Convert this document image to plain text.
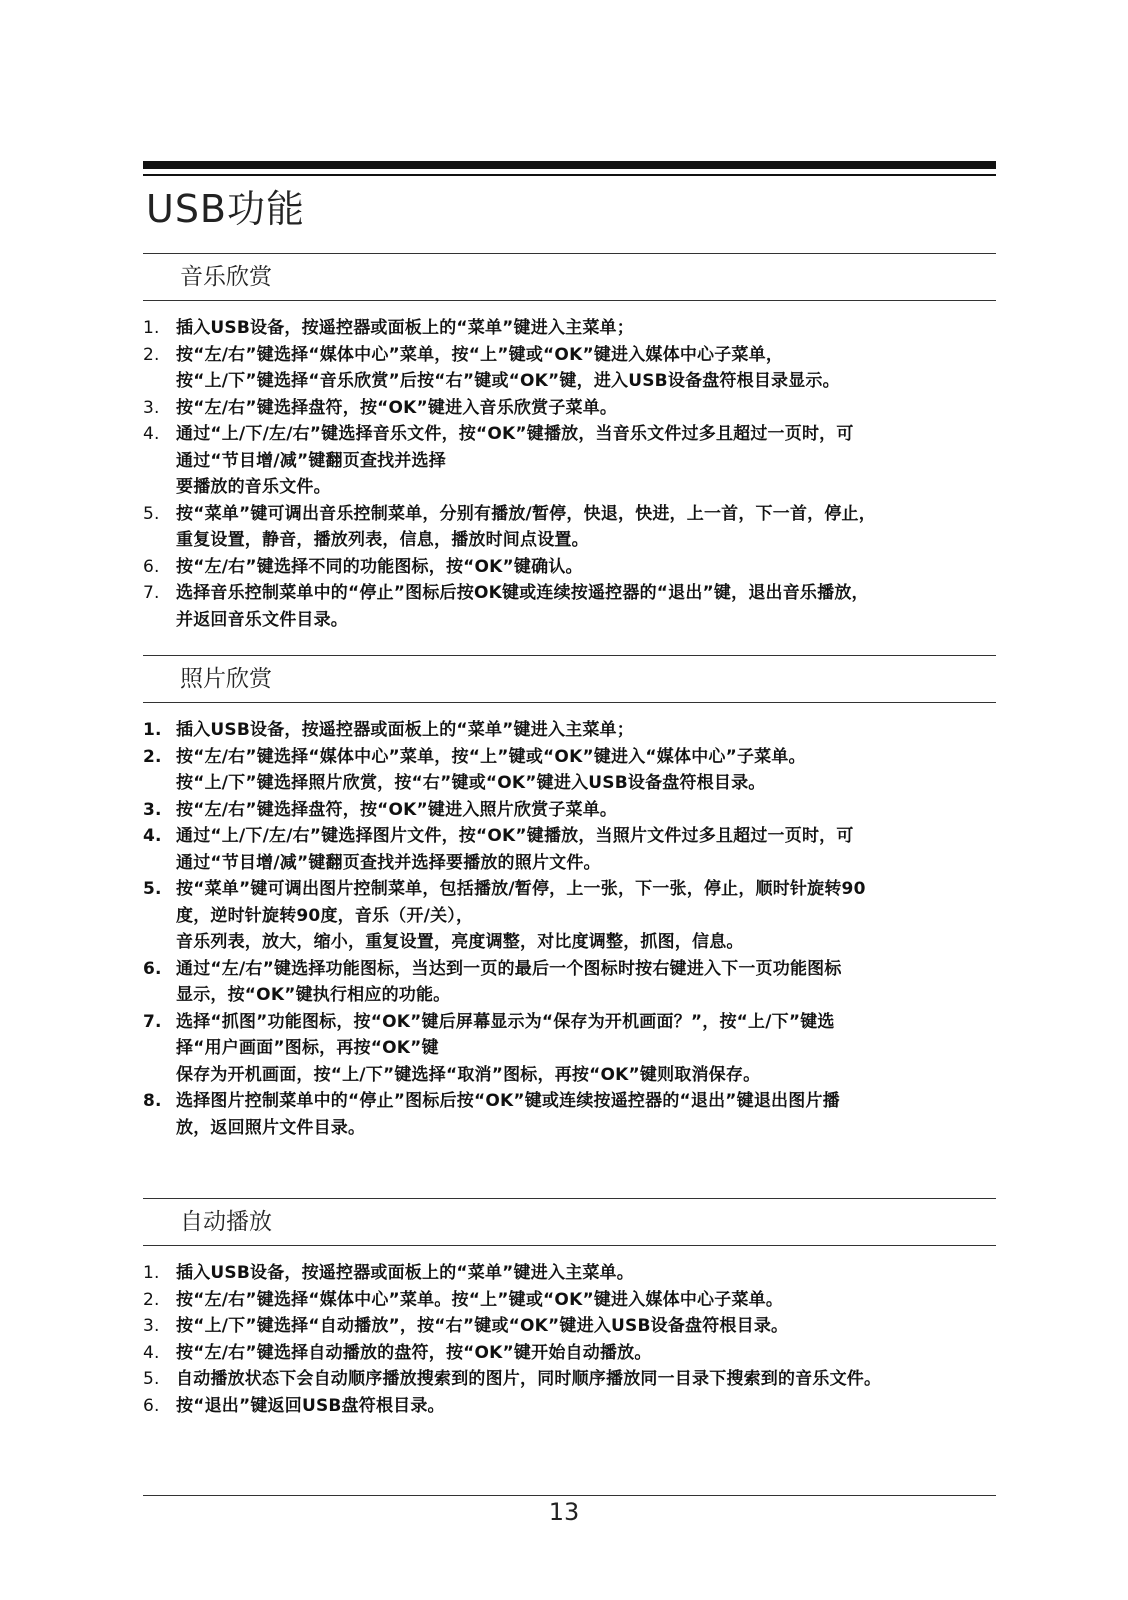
USB功能
音乐欣赏
1. 插入USB设备，按遥控器或面板上的“菜单”键进入主菜单；
2. 按“左/右”键选择“媒体中心”菜单，按“上”键或“OK”键进入媒体中心子菜单，
按“上/下”键选择“音乐欣赏”后按“右”键或“OK”键，进入USB设备盘符根目录显示。
3. 按“左/右”键选择盘符，按“OK”键进入音乐欣赏子菜单。
4. 通过“上/下/左/右”键选择音乐文件，按“OK”键播放，当音乐文件过多且超过一页时，可
通过“节目增/减”键翻页查找并选择
要播放的音乐文件。
5. 按“菜单”键可调出音乐控制菜单，分别有播放/暂停，快退，快进，上一首，下一首，停止，
重复设置，静音，播放列表，信息，播放时间点设置。
6. 按“左/右”键选择不同的功能图标，按“OK”键确认。
7. 选择音乐控制菜单中的“停止”图标后按OK键或连续按遥控器的“退出”键，退出音乐播放，
并返回音乐文件目录。
照片欣赏
1. 插入USB设备，按遥控器或面板上的“菜单”键进入主菜单；
2. 按“左/右”键选择“媒体中心”菜单，按“上”键或“OK”键进入“媒体中心”子菜单。
按“上/下”键选择照片欣赏，按“右”键或“OK”键进入USB设备盘符根目录。
3. 按“左/右”键选择盘符，按“OK”键进入照片欣赏子菜单。
4. 通过“上/下/左/右”键选择图片文件，按“OK”键播放，当照片文件过多且超过一页时，可
通过“节目增/减”键翻页查找并选择要播放的照片文件。
5. 按“菜单”键可调出图片控制菜单，包括播放/暂停，上一张，下一张，停止，顺时针旋转90
度，逆时针旋转90度，音乐（开/关），
音乐列表，放大，缩小，重复设置，亮度调整，对比度调整，抓图，信息。
6. 通过“左/右”键选择功能图标，当达到一页的最后一个图标时按右键进入下一页功能图标
显示，按“OK”键执行相应的功能。
7. 选择“抓图”功能图标，按“OK”键后屏幕显示为“保存为开机画面？”，按“上/下”键选
择“用户画面”图标，再按“OK”键
保存为开机画面，按“上/下”键选择“取消”图标，再按“OK”键则取消保存。
8. 选择图片控制菜单中的“停止”图标后按“OK”键或连续按遥控器的“退出”键退出图片播
放，返回照片文件目录。
自动播放
1. 插入USB设备，按遥控器或面板上的“菜单”键进入主菜单。
2. 按“左/右”键选择“媒体中心”菜单。按“上”键或“OK”键进入媒体中心子菜单。
3. 按“上/下”键选择“自动播放”，按“右”键或“OK”键进入USB设备盘符根目录。
4. 按“左/右”键选择自动播放的盘符，按“OK”键开始自动播放。
5. 自动播放状态下会自动顺序播放搜索到的图片，同时顺序播放同一目录下搜索到的音乐文件。
6. 按“退出”键返回USB盘符根目录。
13
